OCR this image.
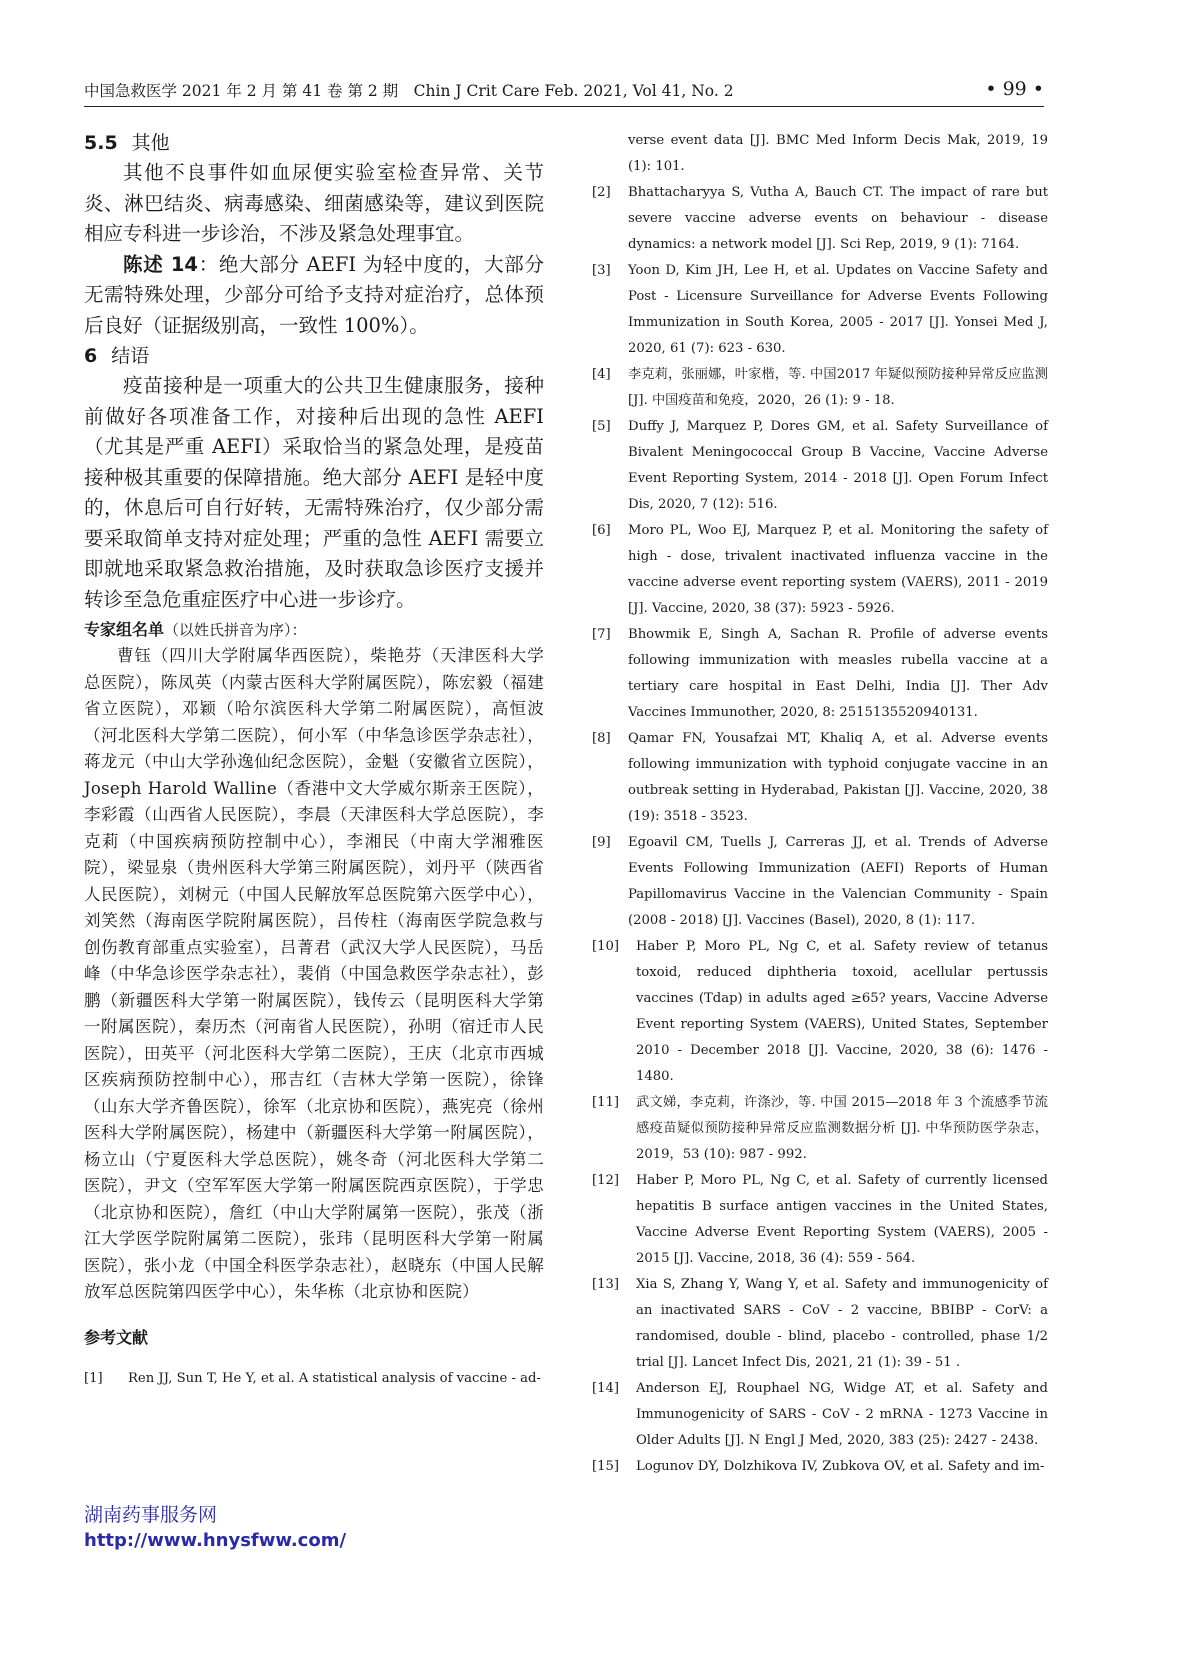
中国急救医学 2021 年 2 月 第 41 卷 第 2 期　Chin J Crit Care Feb. 2021, Vol 41, No. 2	• 99 •
5.5 其他

其他不良事件如血尿便实验室检查异常、关节炎、淋巴结炎、病毒感染、细菌感染等，建议到医院相应专科进一步诊治，不涉及紧急处理事宜。

陈述 14：绝大部分 AEFI 为轻中度的，大部分无需特殊处理，少部分可给予支持对症治疗，总体预后良好（证据级别高，一致性 100%）。

6 结语

疫苗接种是一项重大的公共卫生健康服务，接种前做好各项准备工作，对接种后出现的急性 AEFI（尤其是严重 AEFI）采取恰当的紧急处理，是疫苗接种极其重要的保障措施。绝大部分 AEFI 是轻中度的，休息后可自行好转，无需特殊治疗，仅少部分需要采取简单支持对症处理；严重的急性 AEFI 需要立即就地采取紧急救治措施，及时获取急诊医疗支援并转诊至急危重症医疗中心进一步诊疗。

专家组名单（以姓氏拼音为序）：

曹钰（四川大学附属华西医院），柴艳芬（天津医科大学总医院），陈凤英（内蒙古医科大学附属医院），陈宏毅（福建省立医院），邓颖（哈尔滨医科大学第二附属医院），高恒波（河北医科大学第二医院），何小军（中华急诊医学杂志社），蒋龙元（中山大学孙逸仙纪念医院），金魁（安徽省立医院），Joseph Harold Walline（香港中文大学威尔斯亲王医院），李彩霞（山西省人民医院），李晨（天津医科大学总医院），李克莉（中国疾病预防控制中心），李湘民（中南大学湘雅医院），梁显泉（贵州医科大学第三附属医院），刘丹平（陕西省人民医院），刘树元（中国人民解放军总医院第六医学中心），刘笑然（海南医学院附属医院），吕传柱（海南医学院急救与创伤教育部重点实验室），吕菁君（武汉大学人民医院），马岳峰（中华急诊医学杂志社），裴俏（中国急救医学杂志社），彭鹏（新疆医科大学第一附属医院），钱传云（昆明医科大学第一附属医院），秦历杰（河南省人民医院），孙明（宿迁市人民医院），田英平（河北医科大学第二医院），王庆（北京市西城区疾病预防控制中心），邢吉红（吉林大学第一医院），徐锋（山东大学齐鲁医院），徐军（北京协和医院），燕宪亮（徐州医科大学附属医院），杨建中（新疆医科大学第一附属医院），杨立山（宁夏医科大学总医院），姚冬奇（河北医科大学第二医院），尹文（空军军医大学第一附属医院西京医院），于学忠（北京协和医院），詹红（中山大学附属第一医院），张茂（浙江大学医学院附属第二医院），张玮（昆明医科大学第一附属医院），张小龙（中国全科医学杂志社），赵晓东（中国人民解放军总医院第四医学中心），朱华栋（北京协和医院）

参考文献
[1]	Ren JJ, Sun T, He Y, et al. A statistical analysis of vaccine - ad-
verse event data [J]. BMC Med Inform Decis Mak, 2019, 19 (1): 101.
[2]	Bhattacharyya S, Vutha A, Bauch CT. The impact of rare but severe vaccine adverse events on behaviour - disease dynamics: a network model [J]. Sci Rep, 2019, 9 (1): 7164.
[3]	Yoon D, Kim JH, Lee H, et al. Updates on Vaccine Safety and Post - Licensure Surveillance for Adverse Events Following Immunization in South Korea, 2005 - 2017 [J]. Yonsei Med J, 2020, 61 (7): 623 - 630.
[4]	李克莉，张丽娜，叶家楷，等. 中国2017 年疑似预防接种异常反应监测 [J]. 中国疫苗和免疫，2020，26 (1): 9 - 18.
[5]	Duffy J, Marquez P, Dores GM, et al. Safety Surveillance of Bivalent Meningococcal Group B Vaccine, Vaccine Adverse Event Reporting System, 2014 - 2018 [J]. Open Forum Infect Dis, 2020, 7 (12): 516.
[6]	Moro PL, Woo EJ, Marquez P, et al. Monitoring the safety of high - dose, trivalent inactivated influenza vaccine in the vaccine adverse event reporting system (VAERS), 2011 - 2019 [J]. Vaccine, 2020, 38 (37): 5923 - 5926.
[7]	Bhowmik E, Singh A, Sachan R. Profile of adverse events following immunization with measles rubella vaccine at a tertiary care hospital in East Delhi, India [J]. Ther Adv Vaccines Immunother, 2020, 8: 2515135520940131.
[8]	Qamar FN, Yousafzai MT, Khaliq A, et al. Adverse events following immunization with typhoid conjugate vaccine in an outbreak setting in Hyderabad, Pakistan [J]. Vaccine, 2020, 38 (19): 3518 - 3523.
[9]	Egoavil CM, Tuells J, Carreras JJ, et al. Trends of Adverse Events Following Immunization (AEFI) Reports of Human Papillomavirus Vaccine in the Valencian Community - Spain (2008 - 2018) [J]. Vaccines (Basel), 2020, 8 (1): 117.
[10]	Haber P, Moro PL, Ng C, et al. Safety review of tetanus toxoid, reduced diphtheria toxoid, acellular pertussis vaccines (Tdap) in adults aged ≥65? years, Vaccine Adverse Event reporting System (VAERS), United States, September 2010 - December 2018 [J]. Vaccine, 2020, 38 (6): 1476 - 1480.
[11]	武文娣，李克莉，许涤沙，等. 中国 2015—2018 年 3 个流感季节流感疫苗疑似预防接种异常反应监测数据分析 [J]. 中华预防医学杂志，2019，53 (10): 987 - 992.
[12]	Haber P, Moro PL, Ng C, et al. Safety of currently licensed hepatitis B surface antigen vaccines in the United States, Vaccine Adverse Event Reporting System (VAERS), 2005 - 2015 [J]. Vaccine, 2018, 36 (4): 559 - 564.
[13]	Xia S, Zhang Y, Wang Y, et al. Safety and immunogenicity of an inactivated SARS - CoV - 2 vaccine, BBIBP - CorV: a randomised, double - blind, placebo - controlled, phase 1/2 trial [J]. Lancet Infect Dis, 2021, 21 (1): 39 - 51 .
[14]	Anderson EJ, Rouphael NG, Widge AT, et al. Safety and Immunogenicity of SARS - CoV - 2 mRNA - 1273 Vaccine in Older Adults [J]. N Engl J Med, 2020, 383 (25): 2427 - 2438.
[15]	Logunov DY, Dolzhikova IV, Zubkova OV, et al. Safety and im-
湖南药事服务网
http://www.hnysfww.com/
